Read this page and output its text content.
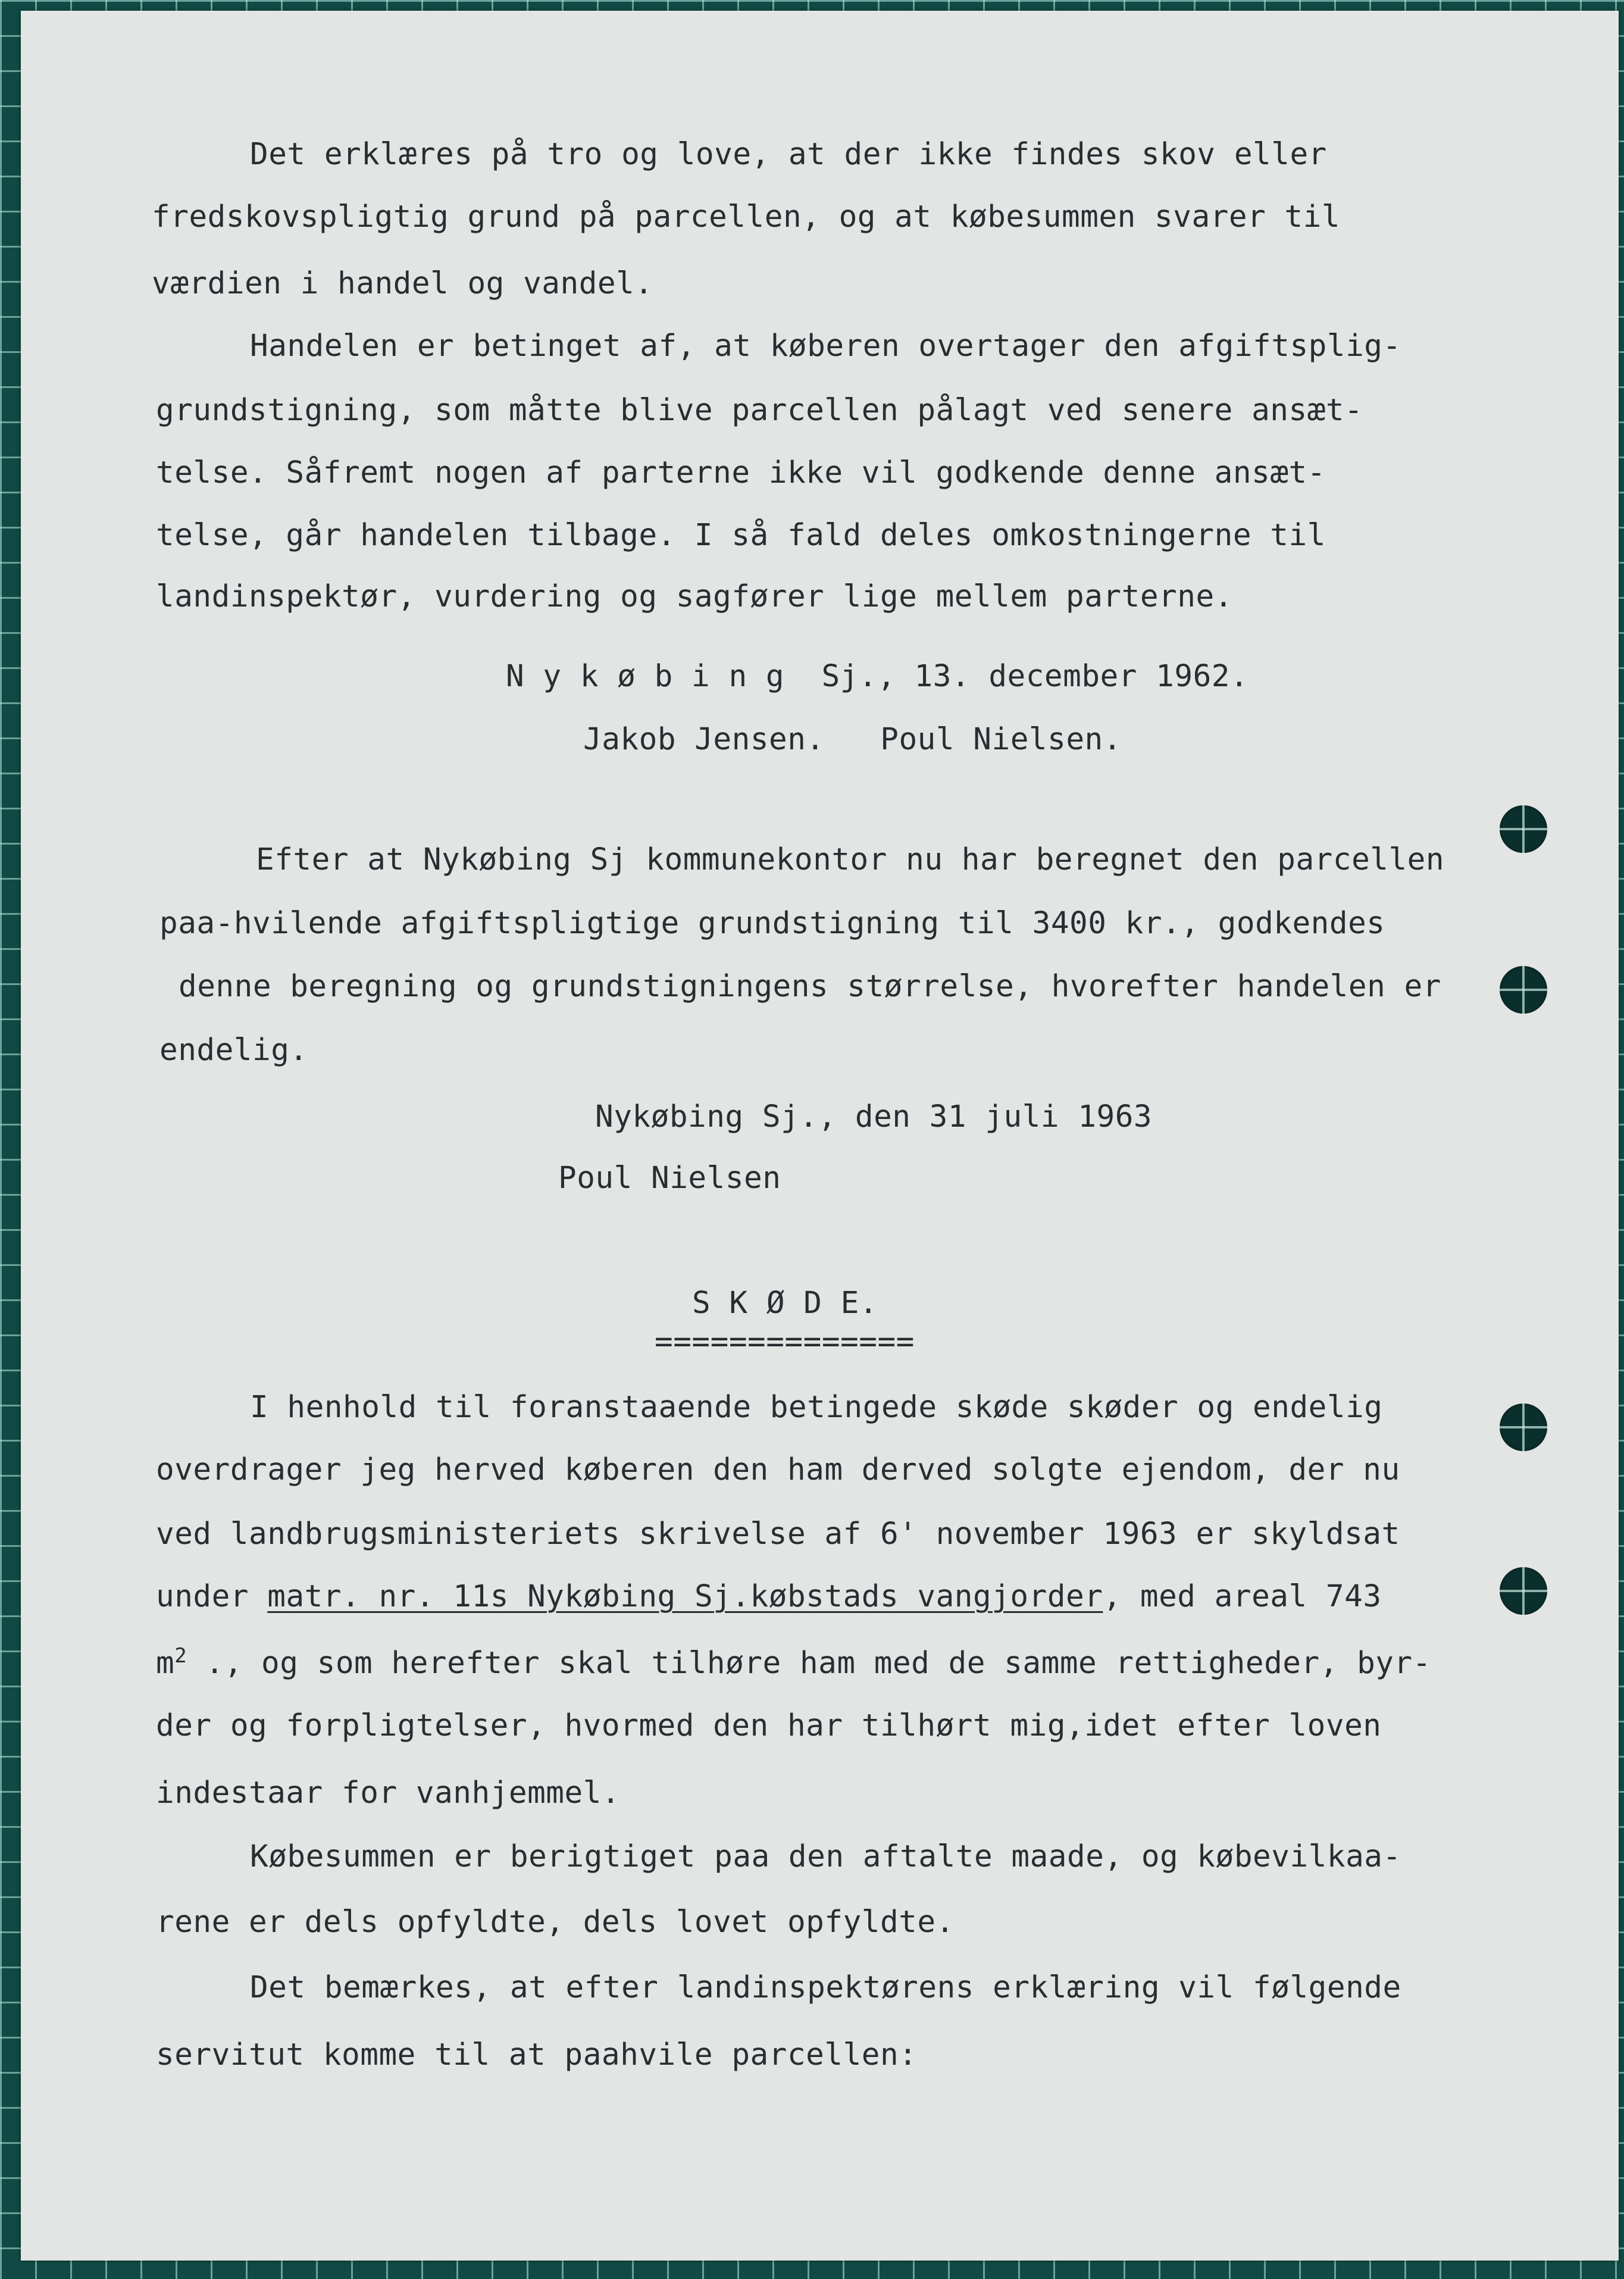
Det erklæres på tro og love, at der ikke findes skov eller

fredskovspligtig grund på parcellen, og at købesummen svarer til

værdien i handel og vandel.

Handelen er betinget af, at køberen overtager den afgiftsplig-

grundstigning, som måtte blive parcellen pålagt ved senere ansæt-

telse. Såfremt nogen af parterne ikke vil godkende denne ansæt-

telse, går handelen tilbage. I så fald deles omkostningerne til

landinspektør, vurdering og sagfører lige mellem parterne.

N y k ø b i n g  Sj., 13. december 1962.

Jakob Jensen.   Poul Nielsen.

Efter at Nykøbing Sj kommunekontor nu har beregnet den parcellen

paa-hvilende afgiftspligtige grundstigning til 3400 kr., godkendes

denne beregning og grundstigningens størrelse, hvorefter handelen er

endelig.

Nykøbing Sj., den 31 juli 1963

Poul Nielsen

S K Ø D E.

==============

I henhold til foranstaaende betingede skøde skøder og endelig

overdrager jeg herved køberen den ham derved solgte ejendom, der nu

ved landbrugsministeriets skrivelse af 6' november 1963 er skyldsat

under matr. nr. 11s Nykøbing Sj.købstads vangjorder, med areal 743

$m^2$ ., og som herefter skal tilhøre ham med de samme rettigheder, byr-

der og forpligtelser, hvormed den har tilhørt mig,idet efter loven

indestaar for vanhjemmel.

Købesummen er berigtiget paa den aftalte maade, og købevilkaa-

rene er dels opfyldte, dels lovet opfyldte.

Det bemærkes, at efter landinspektørens erklæring vil følgende

servitut komme til at paahvile parcellen:
